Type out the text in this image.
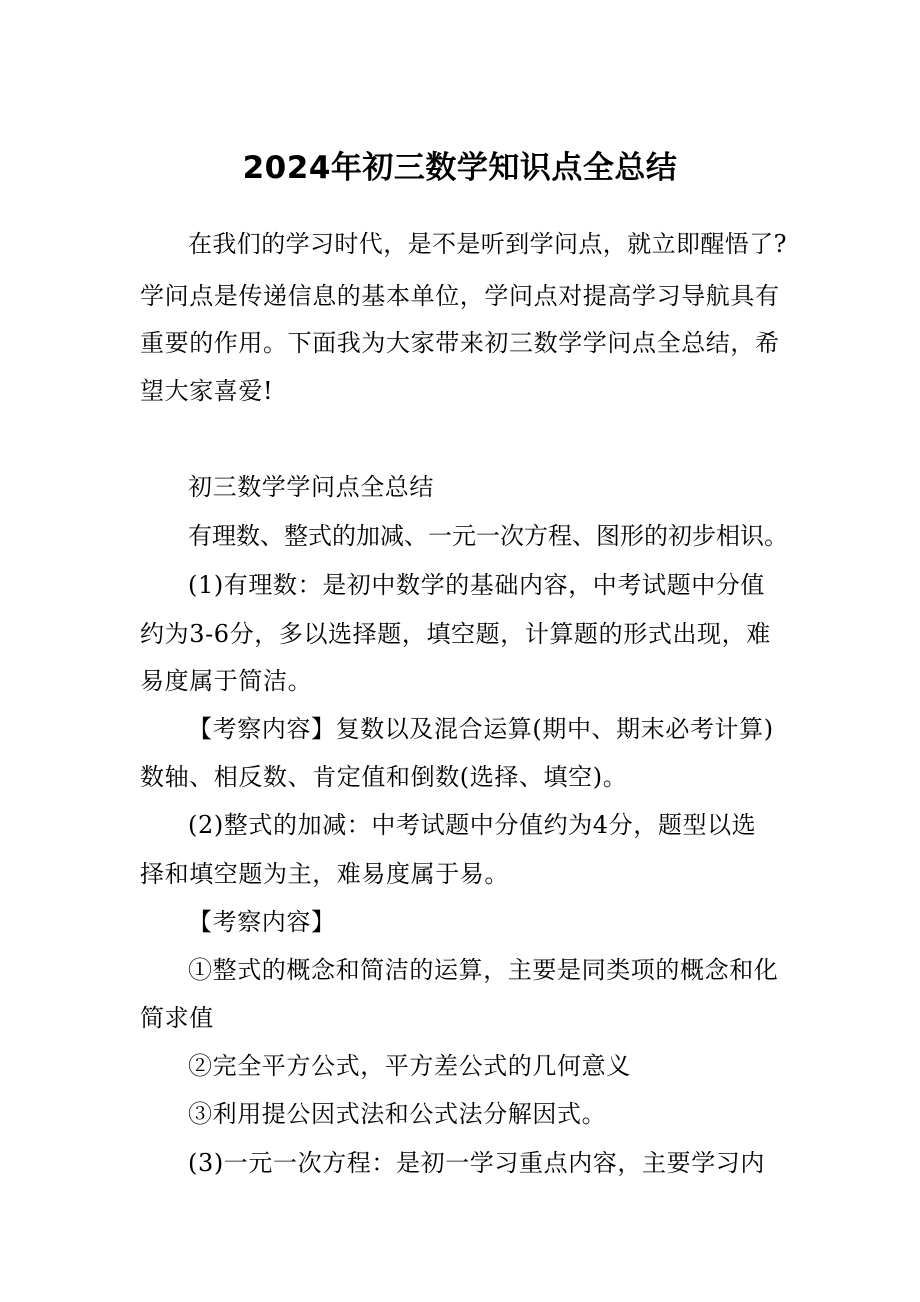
2024年初三数学知识点全总结
在我们的学习时代，是不是听到学问点，就立即醒悟了?
学问点是传递信息的基本单位，学问点对提高学习导航具有
重要的作用。下面我为大家带来初三数学学问点全总结，希
望大家喜爱!
初三数学学问点全总结
有理数、整式的加减、一元一次方程、图形的初步相识。
(1)有理数：是初中数学的基础内容，中考试题中分值
约为3-6分，多以选择题，填空题，计算题的形式出现，难
易度属于简洁。
【考察内容】复数以及混合运算(期中、期末必考计算)
数轴、相反数、肯定值和倒数(选择、填空)。
(2)整式的加减：中考试题中分值约为4分，题型以选
择和填空题为主，难易度属于易。
【考察内容】
①整式的概念和简洁的运算，主要是同类项的概念和化
简求值
②完全平方公式，平方差公式的几何意义
③利用提公因式法和公式法分解因式。
(3)一元一次方程：是初一学习重点内容，主要学习内
